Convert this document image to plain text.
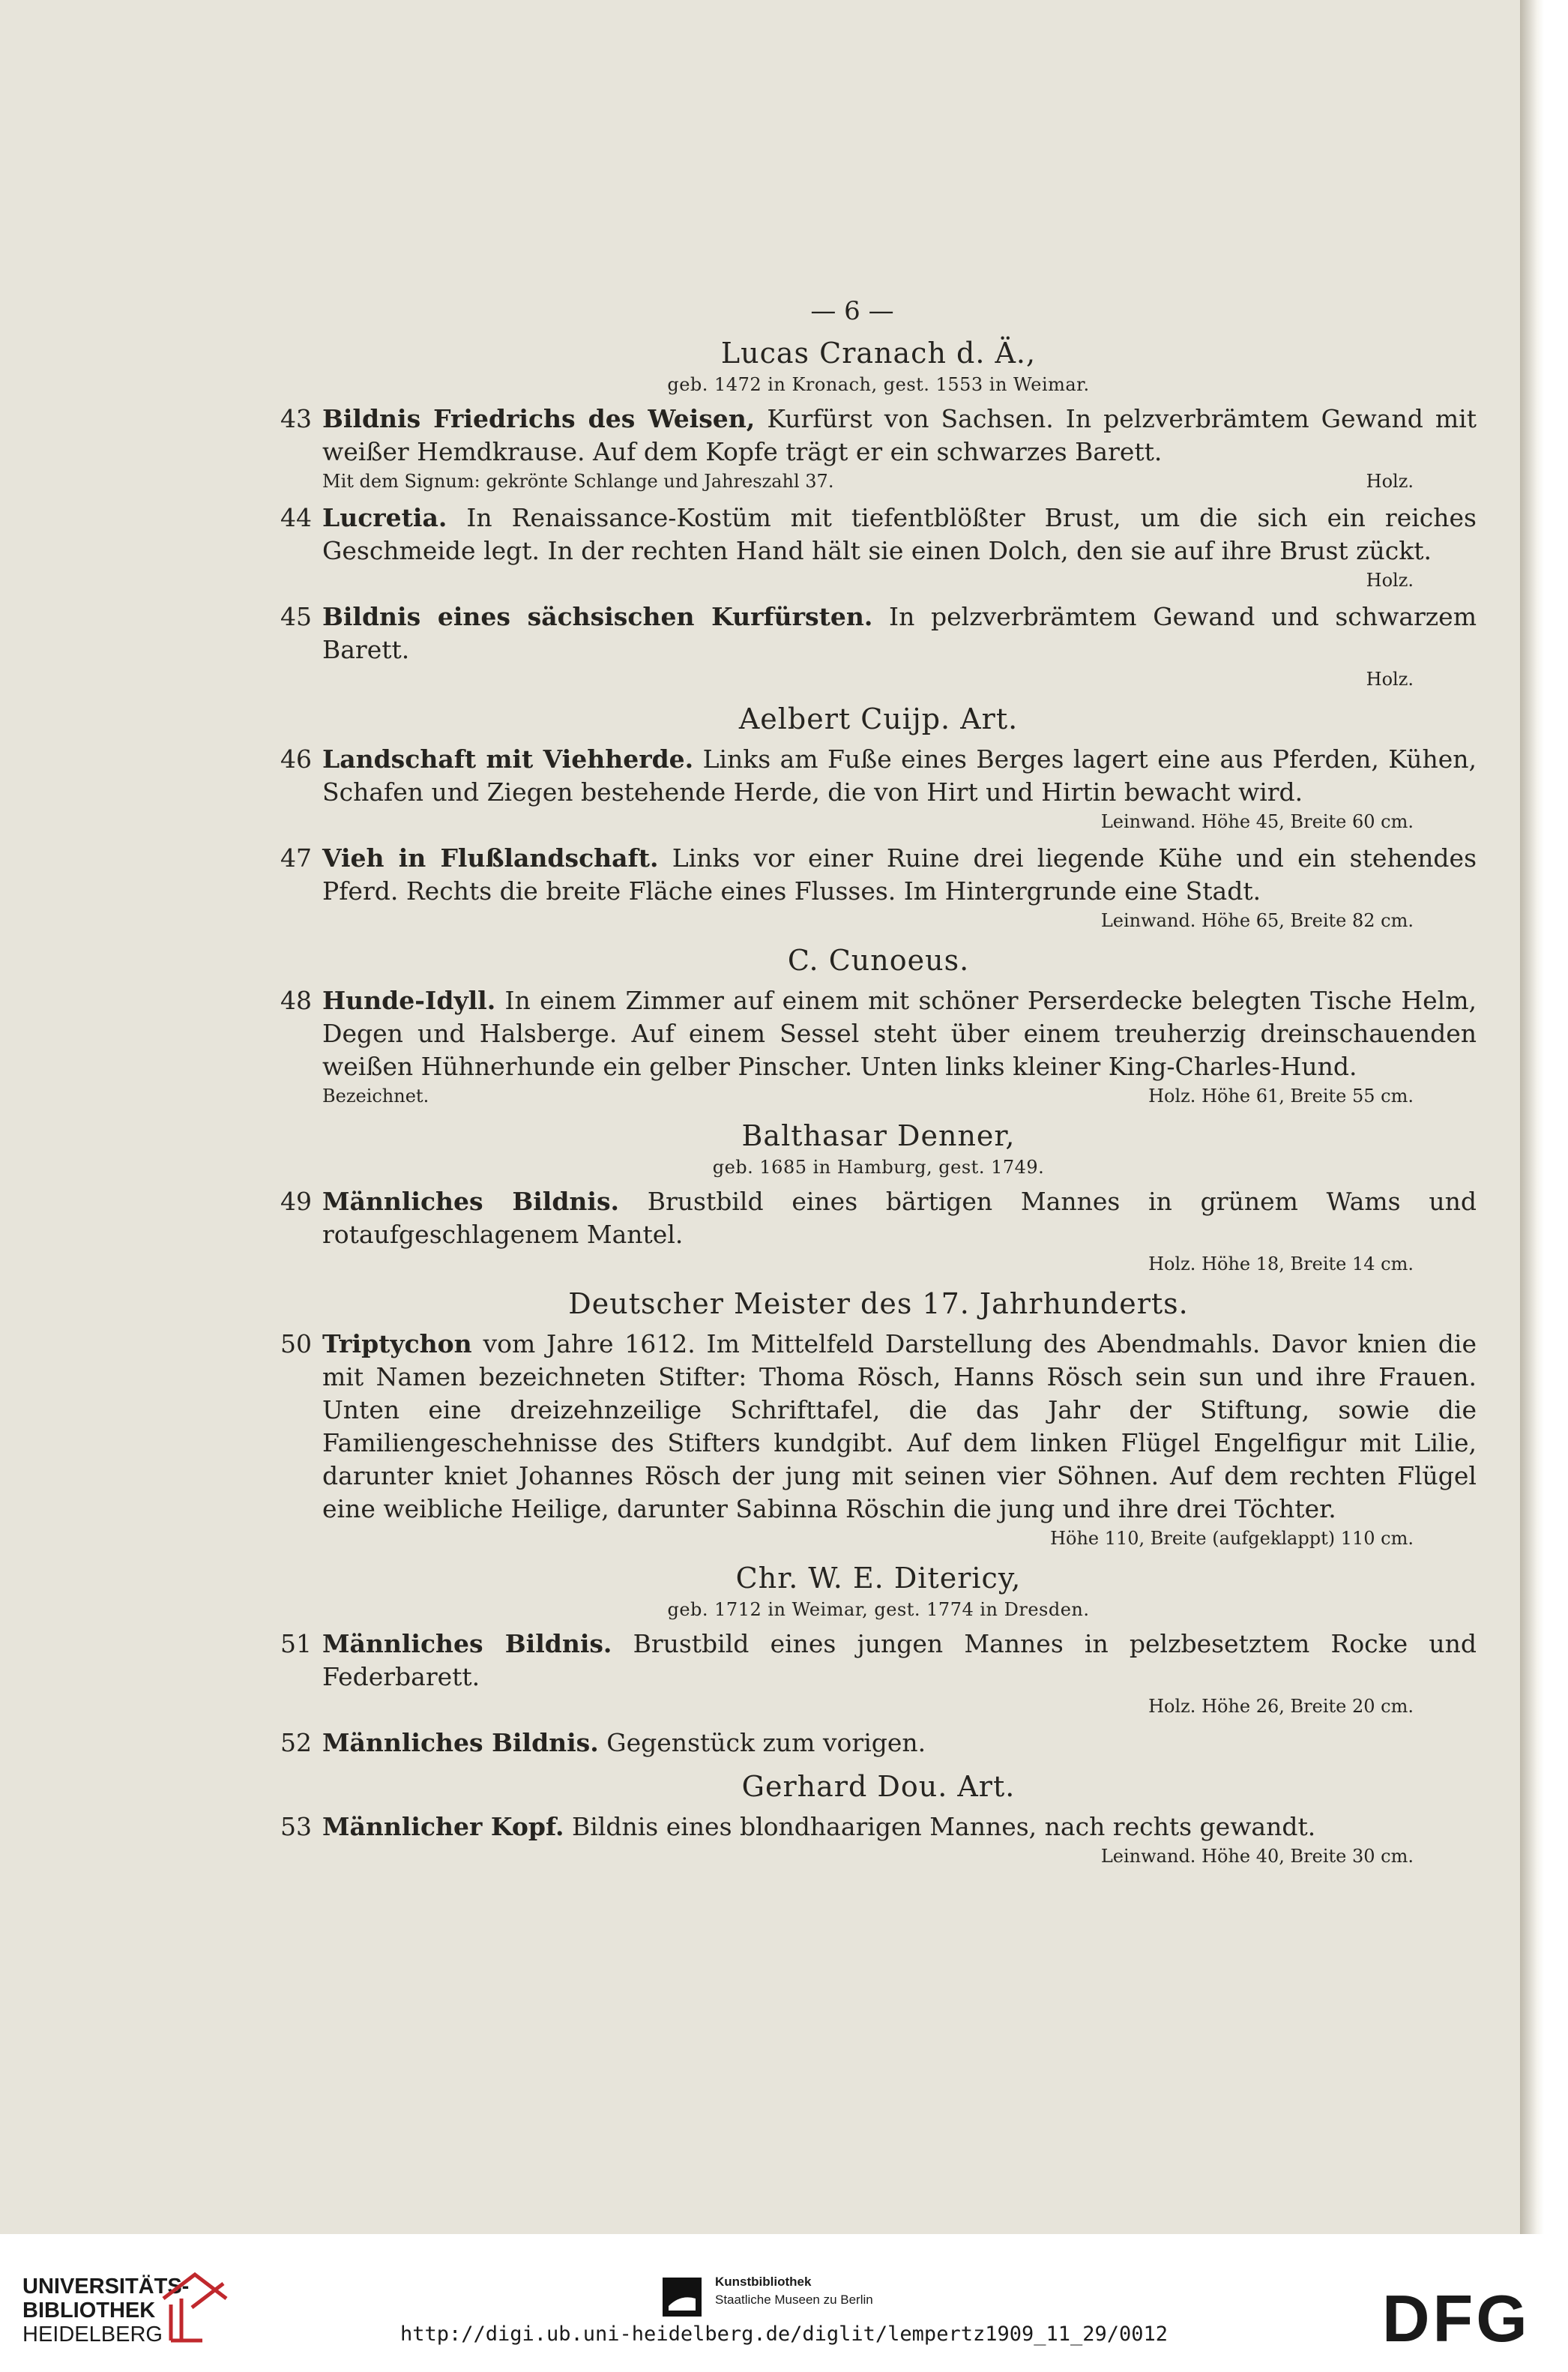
— 6 —
Lucas Cranach d. Ä.,
geb. 1472 in Kronach, gest. 1553 in Weimar.
43 Bildnis Friedrichs des Weisen, Kurfürst von Sachsen. In pelzverbrämtem Gewand mit weißer Hemdkrause. Auf dem Kopfe trägt er ein schwarzes Barett.
Mit dem Signum: gekrönte Schlange und Jahreszahl 37.	Holz.
44 Lucretia. In Renaissance-Kostüm mit tiefentblößter Brust, um die sich ein reiches Geschmeide legt. In der rechten Hand hält sie einen Dolch, den sie auf ihre Brust zückt.
Holz.
45 Bildnis eines sächsischen Kurfürsten. In pelzverbrämtem Gewand und schwarzem Barett.
Holz.
Aelbert Cuijp. Art.
46 Landschaft mit Viehherde. Links am Fuße eines Berges lagert eine aus Pferden, Kühen, Schafen und Ziegen bestehende Herde, die von Hirt und Hirtin bewacht wird.
Leinwand. Höhe 45, Breite 60 cm.
47 Vieh in Flußlandschaft. Links vor einer Ruine drei liegende Kühe und ein stehendes Pferd. Rechts die breite Fläche eines Flusses. Im Hintergrunde eine Stadt.
Leinwand. Höhe 65, Breite 82 cm.
C. Cunoeus.
48 Hunde-Idyll. In einem Zimmer auf einem mit schöner Perserdecke belegten Tische Helm, Degen und Halsberge. Auf einem Sessel steht über einem treuherzig dreinschauenden weißen Hühnerhunde ein gelber Pinscher. Unten links kleiner King-Charles-Hund.
Bezeichnet.	Holz. Höhe 61, Breite 55 cm.
Balthasar Denner,
geb. 1685 in Hamburg, gest. 1749.
49 Männliches Bildnis. Brustbild eines bärtigen Mannes in grünem Wams und rotaufgeschlagenem Mantel.
Holz. Höhe 18, Breite 14 cm.
Deutscher Meister des 17. Jahrhunderts.
50 Triptychon vom Jahre 1612. Im Mittelfeld Darstellung des Abendmahls. Davor knien die mit Namen bezeichneten Stifter: Thoma Rösch, Hanns Rösch sein sun und ihre Frauen. Unten eine dreizehnzeilige Schrifttafel, die das Jahr der Stiftung, sowie die Familiengeschehnisse des Stifters kundgibt. Auf dem linken Flügel Engelfigur mit Lilie, darunter kniet Johannes Rösch der jung mit seinen vier Söhnen. Auf dem rechten Flügel eine weibliche Heilige, darunter Sabinna Röschin die jung und ihre drei Töchter.
Höhe 110, Breite (aufgeklappt) 110 cm.
Chr. W. E. Ditericy,
geb. 1712 in Weimar, gest. 1774 in Dresden.
51 Männliches Bildnis. Brustbild eines jungen Mannes in pelzbesetztem Rocke und Federbarett.
Holz. Höhe 26, Breite 20 cm.
52 Männliches Bildnis. Gegenstück zum vorigen.
Gerhard Dou. Art.
53 Männlicher Kopf. Bildnis eines blondhaarigen Mannes, nach rechts gewandt.
Leinwand. Höhe 40, Breite 30 cm.
UNIVERSITÄTS-
BIBLIOTHEK
HEIDELBERG
Kunstbibliothek
Staatliche Museen zu Berlin	DFG
http://digi.ub.uni-heidelberg.de/diglit/lempertz1909_11_29/0012
